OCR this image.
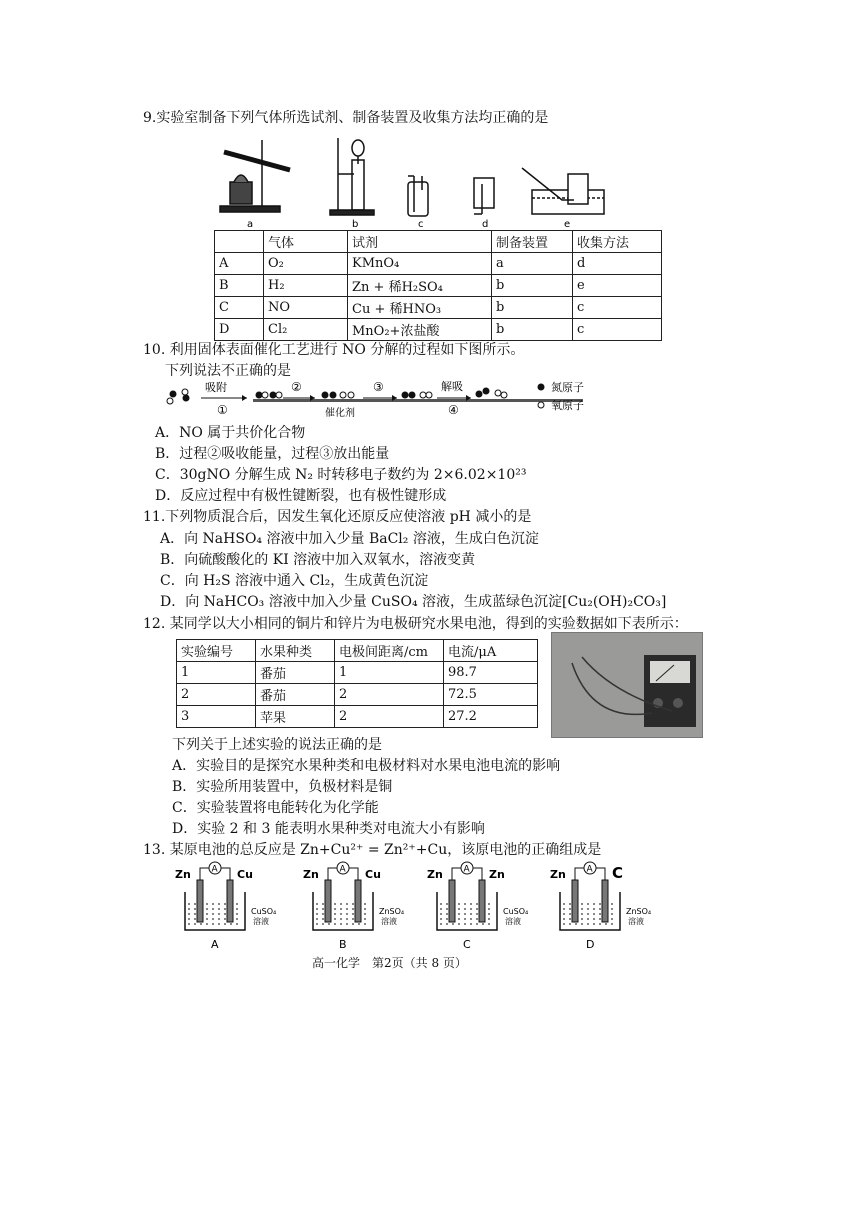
9.实验室制备下列气体所选试剂、制备装置及收集方法均正确的是
a	b	c	d	e
	气体	试剂	制备装置	收集方法
A	O₂	KMnO₄	a	d
B	H₂	Zn + 稀H₂SO₄	b	e
C	NO	Cu + 稀HNO₃	b	c
D	Cl₂	MnO₂+浓盐酸	b	c
10. 利用固体表面催化工艺进行 NO 分解的过程如下图所示。
下列说法不正确的是
吸附
①
②
催化剂
③	解吸
④
氮原子
氧原子
A．NO 属于共价化合物
B．过程②吸收能量，过程③放出能量
C．30gNO 分解生成 N₂ 时转移电子数约为 2×6.02×10²³
D．反应过程中有极性键断裂，也有极性键形成
11.下列物质混合后，因发生氧化还原反应使溶液 pH 减小的是
A．向 NaHSO₄ 溶液中加入少量 BaCl₂ 溶液，生成白色沉淀
B．向硫酸酸化的 KI 溶液中加入双氧水，溶液变黄
C．向 H₂S 溶液中通入 Cl₂，生成黄色沉淀
D．向 NaHCO₃ 溶液中加入少量 CuSO₄ 溶液，生成蓝绿色沉淀[Cu₂(OH)₂CO₃]
12. 某同学以大小相同的铜片和锌片为电极研究水果电池，得到的实验数据如下表所示：
实验编号	水果种类	电极间距离/cm	电流/μA
1	番茄	1	98.7
2	番茄	2	72.5
3	苹果	2	27.2
下列关于上述实验的说法正确的是
A．实验目的是探究水果种类和电极材料对水果电池电流的影响
B．实验所用装置中，负极材料是铜
C．实验装置将电能转化为化学能
D．实验 2 和 3 能表明水果种类对电流大小有影响
13. 某原电池的总反应是 Zn+Cu²⁺ = Zn²⁺+Cu，该原电池的正确组成是
A
Zn	Cu
CuSO₄
溶液
A
A
Zn	Cu
ZnSO₄
溶液
B
A
Zn	Zn
CuSO₄
溶液
C
A
Zn	C
ZnSO₄
溶液
D
高一化学　第2页（共 8 页）
